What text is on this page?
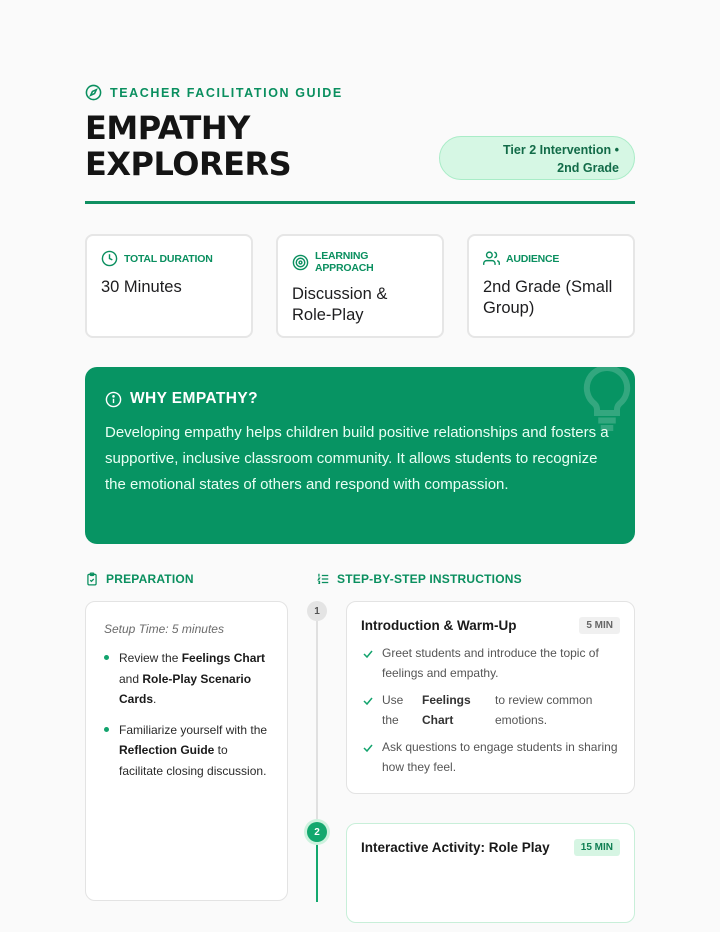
TEACHER FACILITATION GUIDE
EMPATHY
EXPLORERS	Tier 2 Intervention • 2nd Grade
TOTAL DURATION
30 Minutes
LEARNING APPROACH
Discussion & Role-Play
AUDIENCE
2nd Grade (Small Group)
WHY EMPATHY?

Developing empathy helps children build positive relationships and fosters a supportive, inclusive classroom community. It allows students to recognize the emotional states of others and respond with compassion.

PREPARATION	STEP-BY-STEP INSTRUCTIONS
Setup Time: 5 minutes
Review the Feelings Chart and Role-Play Scenario Cards.
Familiarize yourself with the Reflection Guide to facilitate closing discussion.
1
2
Introduction & Warm-Up	5 MIN
Greet students and introduce the topic of feelings and empathy.
Use the
Feelings Chart
to review common emotions.
Ask questions to engage students in sharing how they feel.
Interactive Activity: Role Play	15 MIN
